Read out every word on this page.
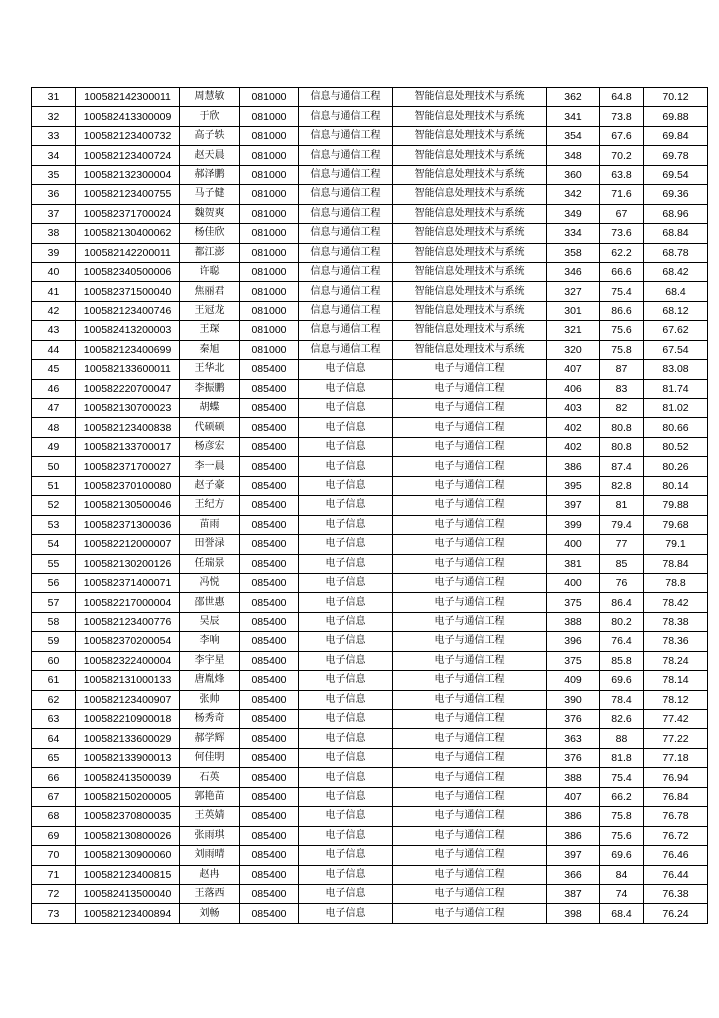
31	100582142300011	周慧敏	081000	信息与通信工程	智能信息处理技术与系统	362	64.8	70.12
32	100582413300009	于欣	081000	信息与通信工程	智能信息处理技术与系统	341	73.8	69.88
33	100582123400732	高子轶	081000	信息与通信工程	智能信息处理技术与系统	354	67.6	69.84
34	100582123400724	赵天晨	081000	信息与通信工程	智能信息处理技术与系统	348	70.2	69.78
35	100582132300004	郝泽鹏	081000	信息与通信工程	智能信息处理技术与系统	360	63.8	69.54
36	100582123400755	马子健	081000	信息与通信工程	智能信息处理技术与系统	342	71.6	69.36
37	100582371700024	魏贺爽	081000	信息与通信工程	智能信息处理技术与系统	349	67	68.96
38	100582130400062	杨佳欣	081000	信息与通信工程	智能信息处理技术与系统	334	73.6	68.84
39	100582142200011	都江澎	081000	信息与通信工程	智能信息处理技术与系统	358	62.2	68.78
40	100582340500006	许聪	081000	信息与通信工程	智能信息处理技术与系统	346	66.6	68.42
41	100582371500040	焦丽君	081000	信息与通信工程	智能信息处理技术与系统	327	75.4	68.4
42	100582123400746	王冠龙	081000	信息与通信工程	智能信息处理技术与系统	301	86.6	68.12
43	100582413200003	王琛	081000	信息与通信工程	智能信息处理技术与系统	321	75.6	67.62
44	100582123400699	秦旭	081000	信息与通信工程	智能信息处理技术与系统	320	75.8	67.54
45	100582133600011	王华北	085400	电子信息	电子与通信工程	407	87	83.08
46	100582220700047	李振鹏	085400	电子信息	电子与通信工程	406	83	81.74
47	100582130700023	胡蝶	085400	电子信息	电子与通信工程	403	82	81.02
48	100582123400838	代硕硕	085400	电子信息	电子与通信工程	402	80.8	80.66
49	100582133700017	杨彦宏	085400	电子信息	电子与通信工程	402	80.8	80.52
50	100582371700027	李一晨	085400	电子信息	电子与通信工程	386	87.4	80.26
51	100582370100080	赵子豪	085400	电子信息	电子与通信工程	395	82.8	80.14
52	100582130500046	王纪方	085400	电子信息	电子与通信工程	397	81	79.88
53	100582371300036	苗雨	085400	电子信息	电子与通信工程	399	79.4	79.68
54	100582212000007	田誉渌	085400	电子信息	电子与通信工程	400	77	79.1
55	100582130200126	任瑞景	085400	电子信息	电子与通信工程	381	85	78.84
56	100582371400071	冯悦	085400	电子信息	电子与通信工程	400	76	78.8
57	100582217000004	邵世惠	085400	电子信息	电子与通信工程	375	86.4	78.42
58	100582123400776	吴辰	085400	电子信息	电子与通信工程	388	80.2	78.38
59	100582370200054	李响	085400	电子信息	电子与通信工程	396	76.4	78.36
60	100582322400004	李宇星	085400	电子信息	电子与通信工程	375	85.8	78.24
61	100582131000133	唐胤烽	085400	电子信息	电子与通信工程	409	69.6	78.14
62	100582123400907	张帅	085400	电子信息	电子与通信工程	390	78.4	78.12
63	100582210900018	杨秀奇	085400	电子信息	电子与通信工程	376	82.6	77.42
64	100582133600029	郝学辉	085400	电子信息	电子与通信工程	363	88	77.22
65	100582133900013	何佳明	085400	电子信息	电子与通信工程	376	81.8	77.18
66	100582413500039	石英	085400	电子信息	电子与通信工程	388	75.4	76.94
67	100582150200005	郭艳苗	085400	电子信息	电子与通信工程	407	66.2	76.84
68	100582370800035	王英婧	085400	电子信息	电子与通信工程	386	75.8	76.78
69	100582130800026	张雨琪	085400	电子信息	电子与通信工程	386	75.6	76.72
70	100582130900060	刘雨晴	085400	电子信息	电子与通信工程	397	69.6	76.46
71	100582123400815	赵冉	085400	电子信息	电子与通信工程	366	84	76.44
72	100582413500040	王落西	085400	电子信息	电子与通信工程	387	74	76.38
73	100582123400894	刘畅	085400	电子信息	电子与通信工程	398	68.4	76.24
